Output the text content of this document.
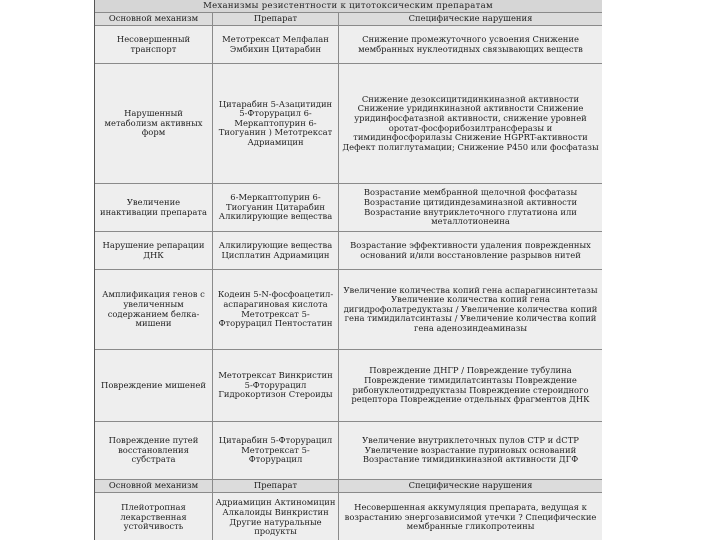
Механизмы резистентности к цитотоксическим препаратам
Основной механизм	Препарат	Специфические нарушения
Несовершенный транспорт	Метотрексат Мелфалан Эмбихин Цитарабин	Снижение промежуточного усвоения Снижение мембранных нуклеотидных связывающих веществ
Нарушенный метаболизм активных форм	Цитарабин 5-Азацитидин 5-Фторурацил 6-Меркаптопурин 6-Тиогуанин ) Метотрексат Адриамицин	Снижение дезоксицитидинкиназной активности Снижение уридинкиназной активности Снижение уридинфосфатазной активности, снижение уровней оротат-фосфорибозилтрансферазы и тимидинфосфорилазы Снижение НGPRT-активности Дефект полиглутамации; Снижение Р450 или фосфатазы
Увеличение инактивации препарата	6-Меркаптопурин 6-Тиогуанин Цитарабин Алкилирующие вещества	Возрастание мембранной щелочной фосфатазы Возрастание цитидиндезаминазной активности Возрастание внутриклеточного глутатиона или металлотионеина
Нарушение репарации ДНК	Алкилирующие вещества Цисплатин Адриамицин	Возрастание эффективности удаления поврежденных оснований и/или восстановление разрывов нитей
Амплификация генов с увеличенным содержанием белка-мишени	Кодеин 5-N-фосфоацетил-аспарагиновая кислота Метотрексат 5-Фторурацил Пентостатин	Увеличение количества копий гена аспарагинсинтетазы Увеличение количества копий гена дигидрофолатредуктазы / Увеличение количества копий гена тимидилатсинтазы / Увеличение количества копий гена аденозиндеаминазы
Повреждение мишеней	Метотрексат Винкристин 5-Фторурацил Гидрокортизон Стероиды	Повреждение ДНГР / Повреждение тубулина Повреждение тимидилатсинтазы Повреждение рибонуклеотидредуктазы Повреждение стероидного рецептора Повреждение отдельных фрагментов ДНК
Повреждение путей восстановления субстрата	Цитарабин 5-Фторурацил Метотрексат 5-Фторурацил	Увеличение внутриклеточных пулов СТР и dCTP Увеличение возрастание пуриновых оснований Возрастание тимидинкиназной активности ДГФ
Основной механизм	Препарат	Специфические нарушения
Плейотропная лекарственная устойчивость	Адриамицин Актиномицин Алкалоиды Винкристин Другие натуральные продукты	Несовершенная аккумуляция препарата, ведущая к возрастанию энергозависимой утечки ? Специфические мембранные гликопротеины
